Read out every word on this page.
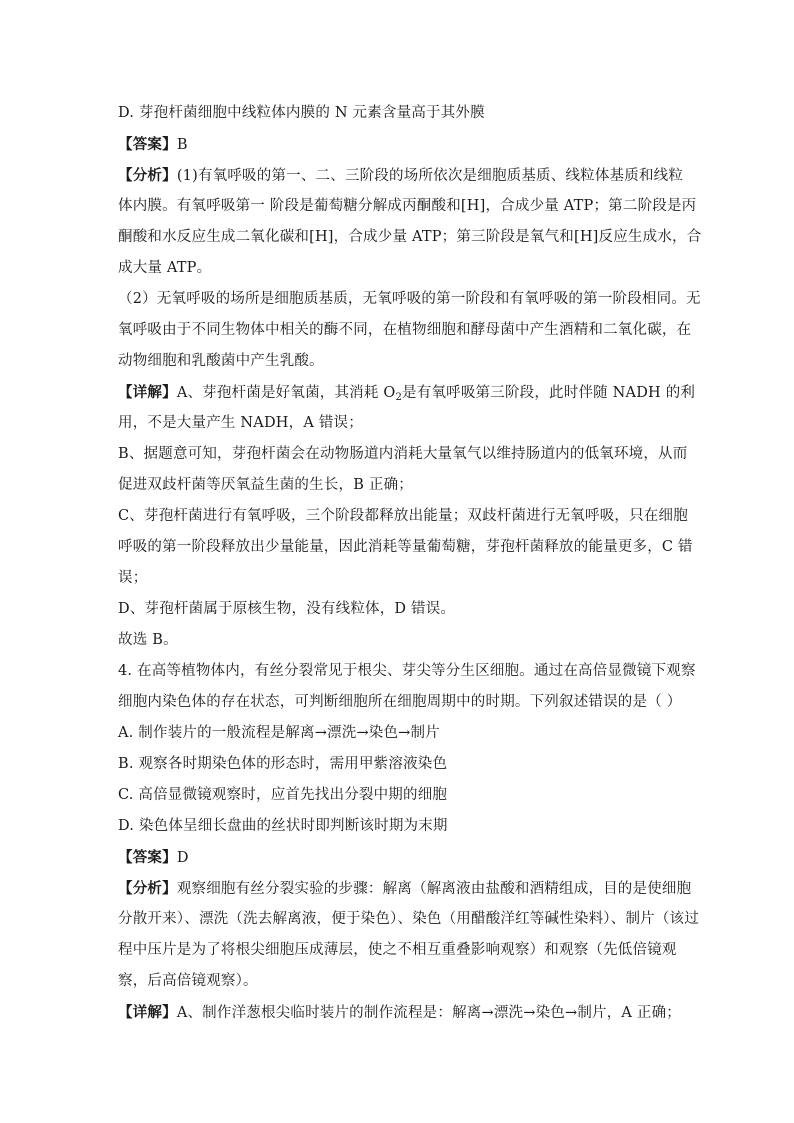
D. 芽孢杆菌细胞中线粒体内膜的 N 元素含量高于其外膜
【答案】B
【分析】(1)有氧呼吸的第一、二、三阶段的场所依次是细胞质基质、线粒体基质和线粒
体内膜。有氧呼吸第一 阶段是葡萄糖分解成丙酮酸和[H]，合成少量 ATP；第二阶段是丙
酮酸和水反应生成二氧化碳和[H]，合成少量 ATP；第三阶段是氧气和[H]反应生成水，合
成大量 ATP。
（2）无氧呼吸的场所是细胞质基质，无氧呼吸的第一阶段和有氧呼吸的第一阶段相同。无
氧呼吸由于不同生物体中相关的酶不同，在植物细胞和酵母菌中产生酒精和二氧化碳，在
动物细胞和乳酸菌中产生乳酸。
【详解】A、芽孢杆菌是好氧菌，其消耗 $O_2$是有氧呼吸第三阶段，此时伴随 NADH 的利
用，不是大量产生 NADH，A 错误；
B、据题意可知，芽孢杆菌会在动物肠道内消耗大量氧气以维持肠道内的低氧环境，从而
促进双歧杆菌等厌氧益生菌的生长，B 正确；
C、芽孢杆菌进行有氧呼吸，三个阶段都释放出能量；双歧杆菌进行无氧呼吸，只在细胞
呼吸的第一阶段释放出少量能量，因此消耗等量葡萄糖，芽孢杆菌释放的能量更多，C 错
误；
D、芽孢杆菌属于原核生物，没有线粒体，D 错误。
故选 B。
4. 在高等植物体内，有丝分裂常见于根尖、芽尖等分生区细胞。通过在高倍显微镜下观察
细胞内染色体的存在状态，可判断细胞所在细胞周期中的时期。下列叙述错误的是（ ）
A. 制作装片的一般流程是解离→漂洗→染色→制片
B. 观察各时期染色体的形态时，需用甲紫溶液染色
C. 高倍显微镜观察时，应首先找出分裂中期的细胞
D. 染色体呈细长盘曲的丝状时即判断该时期为末期
【答案】D
【分析】观察细胞有丝分裂实验的步骤：解离（解离液由盐酸和酒精组成，目的是使细胞
分散开来）、漂洗（洗去解离液，便于染色）、染色（用醋酸洋红等碱性染料）、制片（该过
程中压片是为了将根尖细胞压成薄层，使之不相互重叠影响观察）和观察（先低倍镜观
察，后高倍镜观察）。
【详解】A、制作洋葱根尖临时装片的制作流程是：解离→漂洗→染色→制片，A 正确；
